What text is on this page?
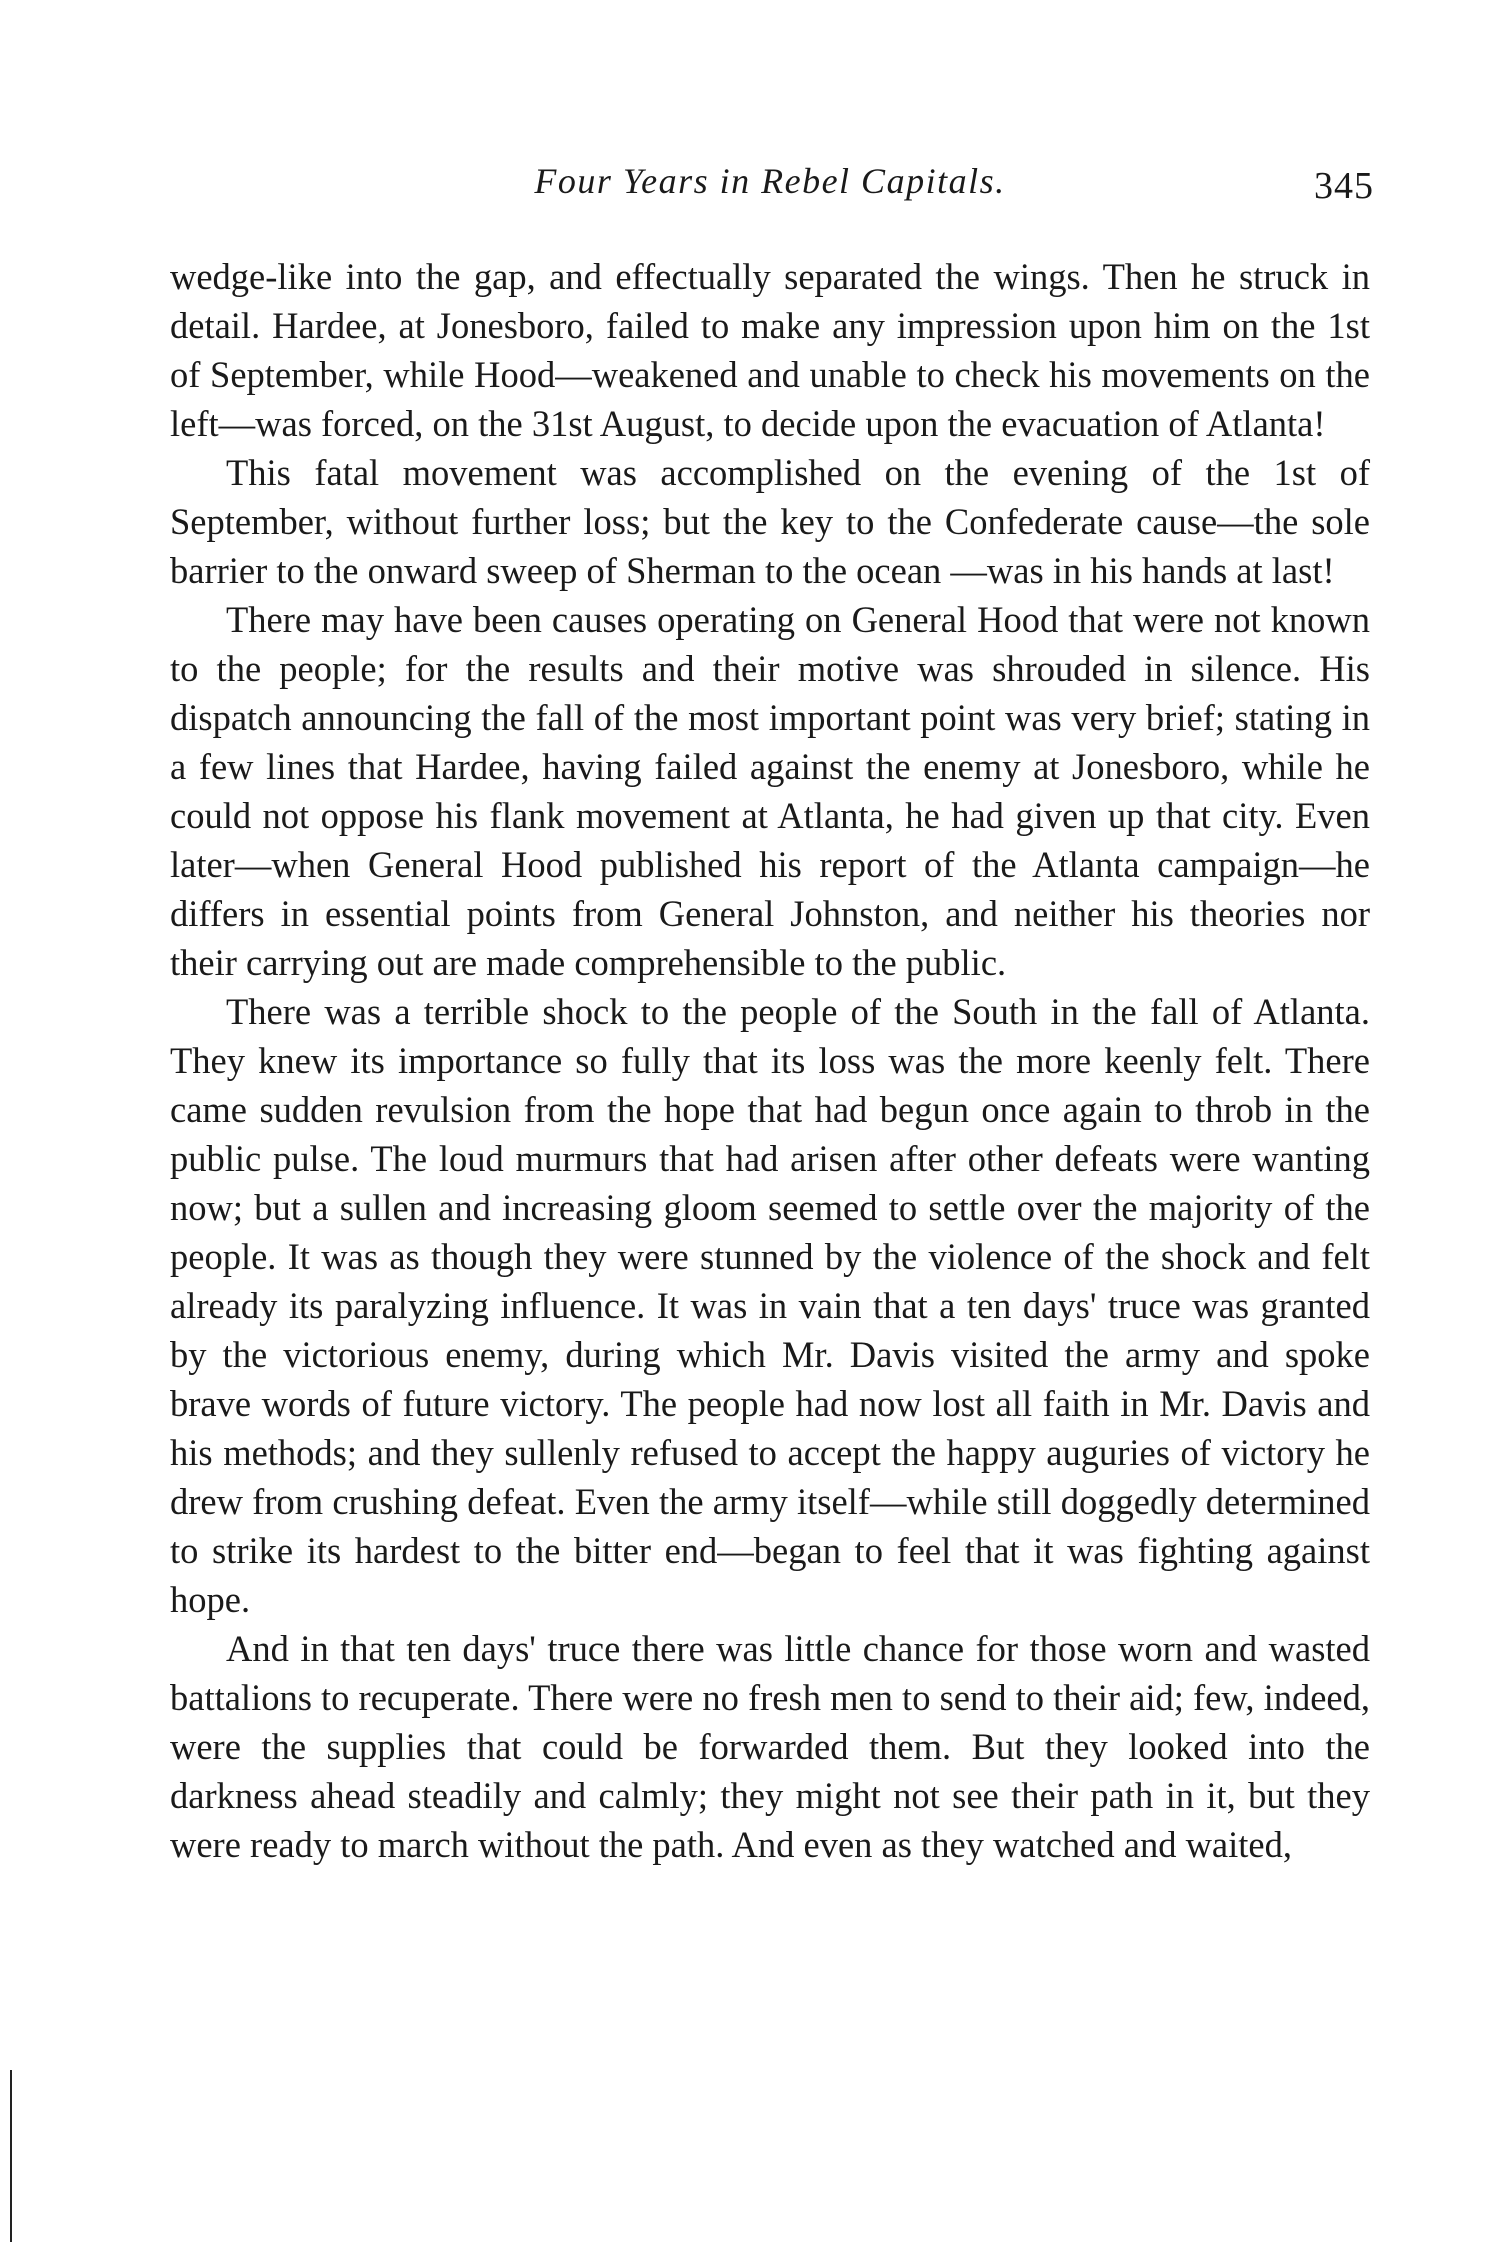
Four Years in Rebel Capitals.	345

wedge-like into the gap, and effectually separated the wings. Then he struck in detail. Hardee, at Jonesboro, failed to make any impression upon him on the 1st of September, while Hood—weakened and unable to check his movements on the left—was forced, on the 31st August, to decide upon the evacuation of Atlanta!

This fatal movement was accomplished on the evening of the 1st of September, without further loss; but the key to the Confederate cause—the sole barrier to the onward sweep of Sherman to the ocean —was in his hands at last!

There may have been causes operating on General Hood that were not known to the people; for the results and their motive was shrouded in silence. His dispatch announcing the fall of the most important point was very brief; stating in a few lines that Hardee, having failed against the enemy at Jonesboro, while he could not oppose his flank movement at Atlanta, he had given up that city. Even later—when General Hood published his report of the Atlanta campaign—he differs in essential points from General Johnston, and neither his theories nor their carrying out are made comprehensible to the public.

There was a terrible shock to the people of the South in the fall of Atlanta. They knew its importance so fully that its loss was the more keenly felt. There came sudden revulsion from the hope that had begun once again to throb in the public pulse. The loud murmurs that had arisen after other defeats were wanting now; but a sullen and increasing gloom seemed to settle over the majority of the people. It was as though they were stunned by the violence of the shock and felt already its paralyzing influence. It was in vain that a ten days' truce was granted by the victorious enemy, during which Mr. Davis visited the army and spoke brave words of future victory. The people had now lost all faith in Mr. Davis and his methods; and they sullenly refused to accept the happy auguries of victory he drew from crushing defeat. Even the army itself—while still doggedly determined to strike its hardest to the bitter end—began to feel that it was fighting against hope.

And in that ten days' truce there was little chance for those worn and wasted battalions to recuperate. There were no fresh men to send to their aid; few, indeed, were the supplies that could be forwarded them. But they looked into the darkness ahead steadily and calmly; they might not see their path in it, but they were ready to march without the path. And even as they watched and waited,
